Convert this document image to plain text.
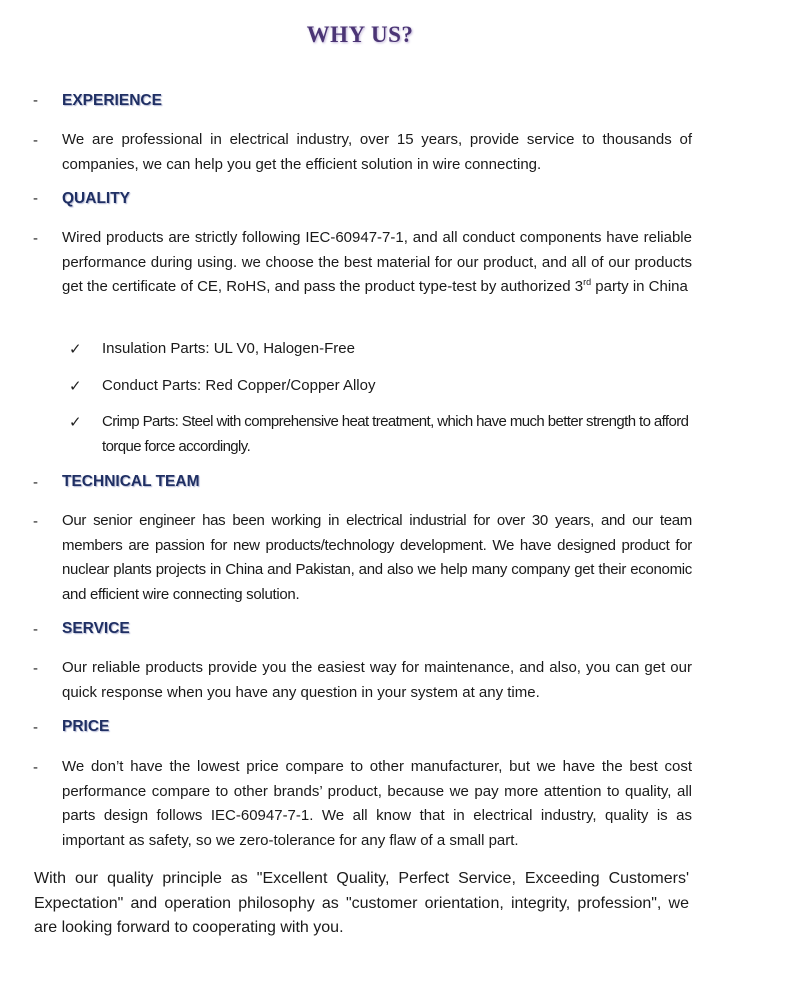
WHY US?
- EXPERIENCE
- We are professional in electrical industry, over 15 years, provide service to thousands of companies, we can help you get the efficient solution in wire connecting.
- QUALITY
- Wired products are strictly following IEC-60947-7-1, and all conduct components have reliable performance during using. we choose the best material for our product, and all of our products get the certificate of CE, RoHS, and pass the product type-test by authorized 3rd party in China
✓ Insulation Parts: UL V0, Halogen-Free
✓ Conduct Parts: Red Copper/Copper Alloy
✓ Crimp Parts: Steel with comprehensive heat treatment, which have much better strength to afford torque force accordingly.
- TECHNICAL TEAM
- Our senior engineer has been working in electrical industrial for over 30 years, and our team members are passion for new products/technology development. We have designed product for nuclear plants projects in China and Pakistan, and also we help many company get their economic and efficient wire connecting solution.
- SERVICE
- Our reliable products provide you the easiest way for maintenance, and also, you can get our quick response when you have any question in your system at any time.
- PRICE
- We don’t have the lowest price compare to other manufacturer, but we have the best cost performance compare to other brands’ product, because we pay more attention to quality, all parts design follows IEC-60947-7-1. We all know that in electrical industry, quality is as important as safety, so we zero-tolerance for any flaw of a small part.
With our quality principle as "Excellent Quality, Perfect Service, Exceeding Customers' Expectation" and operation philosophy as "customer orientation, integrity, profession", we are looking forward to cooperating with you.
